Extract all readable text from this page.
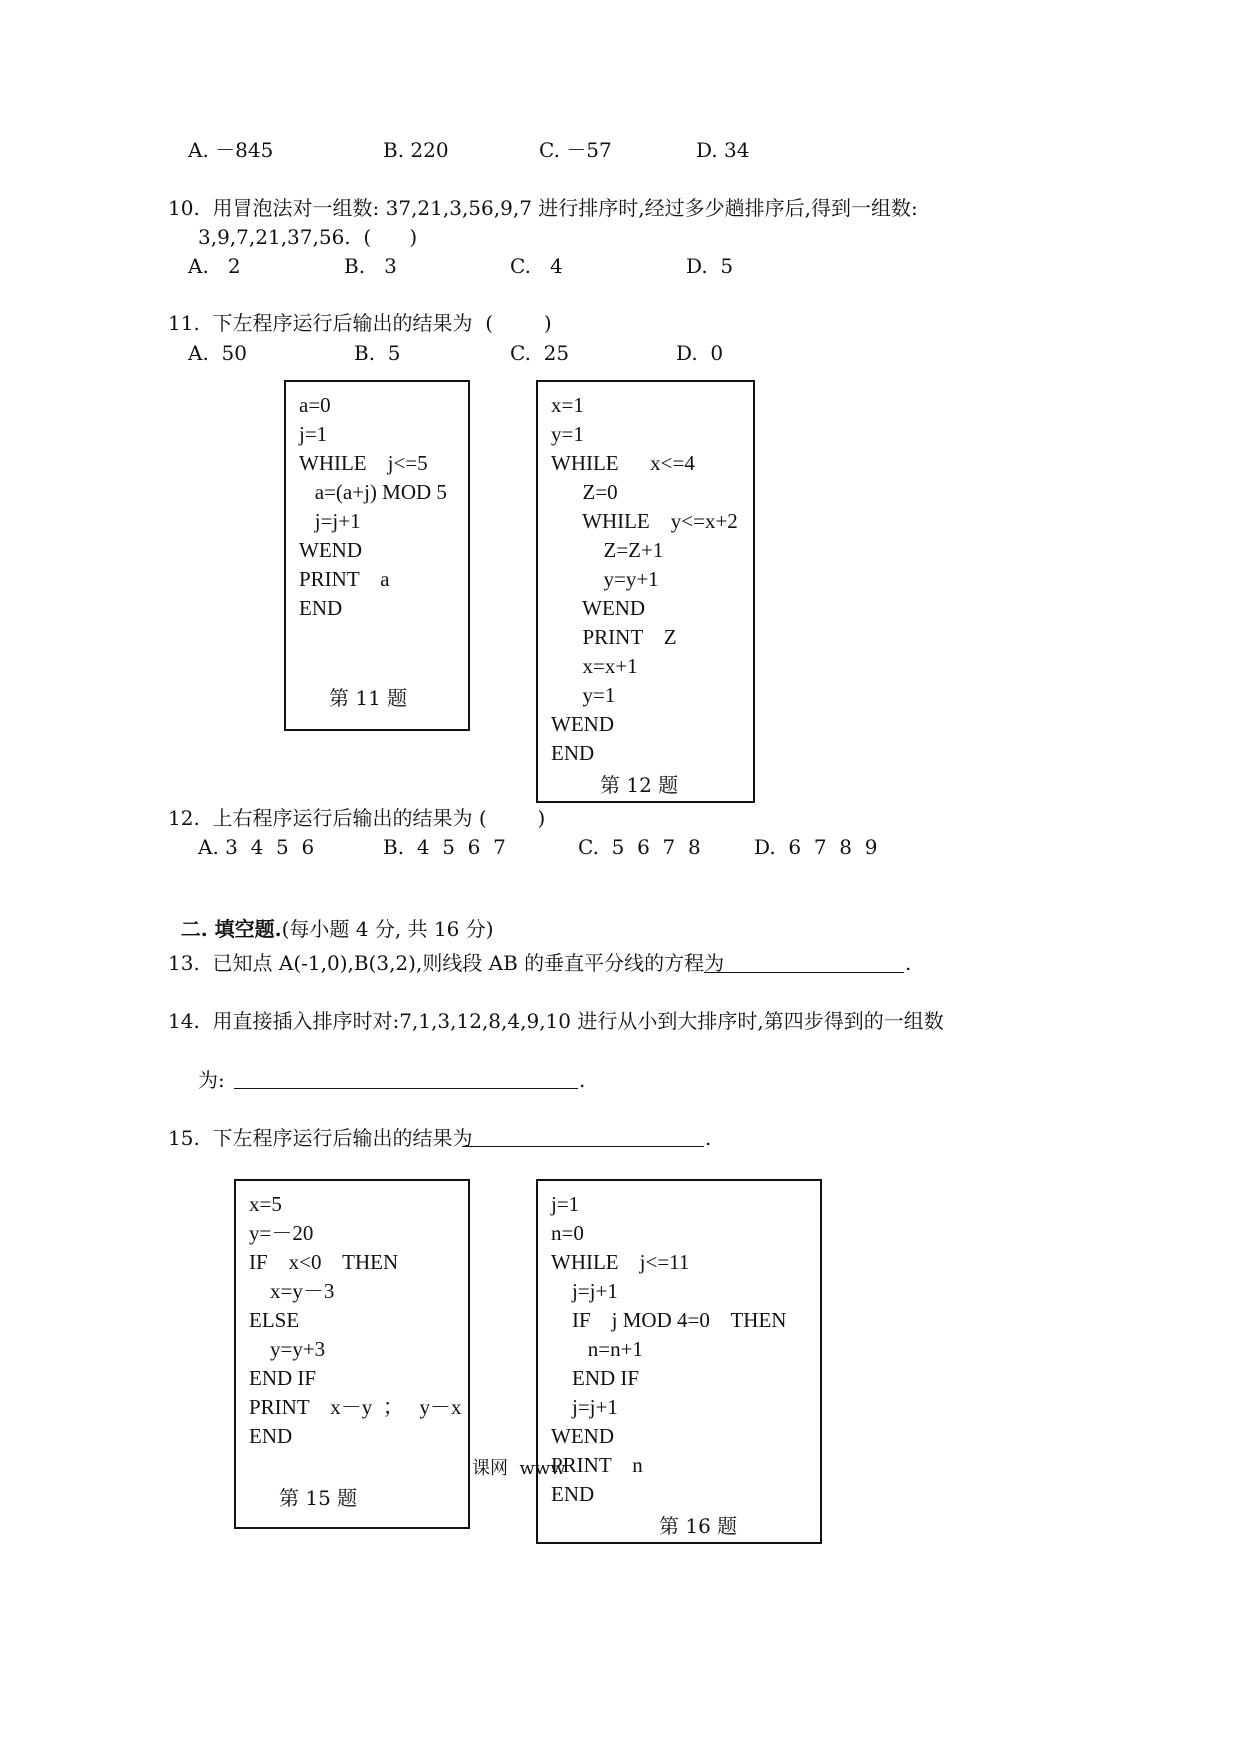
A. －845	B. 220	C. －57	D. 34
10.  用冒泡法对一组数: 37,21,3,56,9,7 进行排序时,经过多少趟排序后,得到一组数:
3,9,7,21,37,56.  (      )
A.   2	B.   3	C.   4	D.  5
11.  下左程序运行后输出的结果为  (        )
A.  50	B.  5	C.  25	D.  0
a=0
j=1
WHILE    j<=5
a=(a+j) MOD 5
j=j+1
WEND
PRINT    a
END
第 11 题
x=1
y=1
WHILE      x<=4
Z=0
WHILE    y<=x+2
Z=Z+1
y=y+1
WEND
PRINT    Z
x=x+1
y=1
WEND
END
第 12 题
12.  上右程序运行后输出的结果为 (        )
A. 3  4  5  6	B.  4  5  6  7	C.  5  6  7  8	D.  6  7  8  9

二. 填空题.(每小题 4 分, 共 16 分)

13.  已知点 A(-1,0),B(3,2),则线段 AB 的垂直平分线的方程为	.
14.  用直接插入排序时对:7,1,3,12,8,4,9,10 进行从小到大排序时,第四步得到的一组数
为:	.
15.  下左程序运行后输出的结果为	.
x=5
y=－20
IF    x<0    THEN
x=y－3
ELSE
y=y+3
END IF
PRINT    x－y  ；   y－x
END
第 15 题
课网  www
j=1
n=0
WHILE    j<=11
j=j+1
IF    j MOD 4=0    THEN
n=n+1
END IF
j=j+1
WEND
PRINT    n
END
第 16 题
